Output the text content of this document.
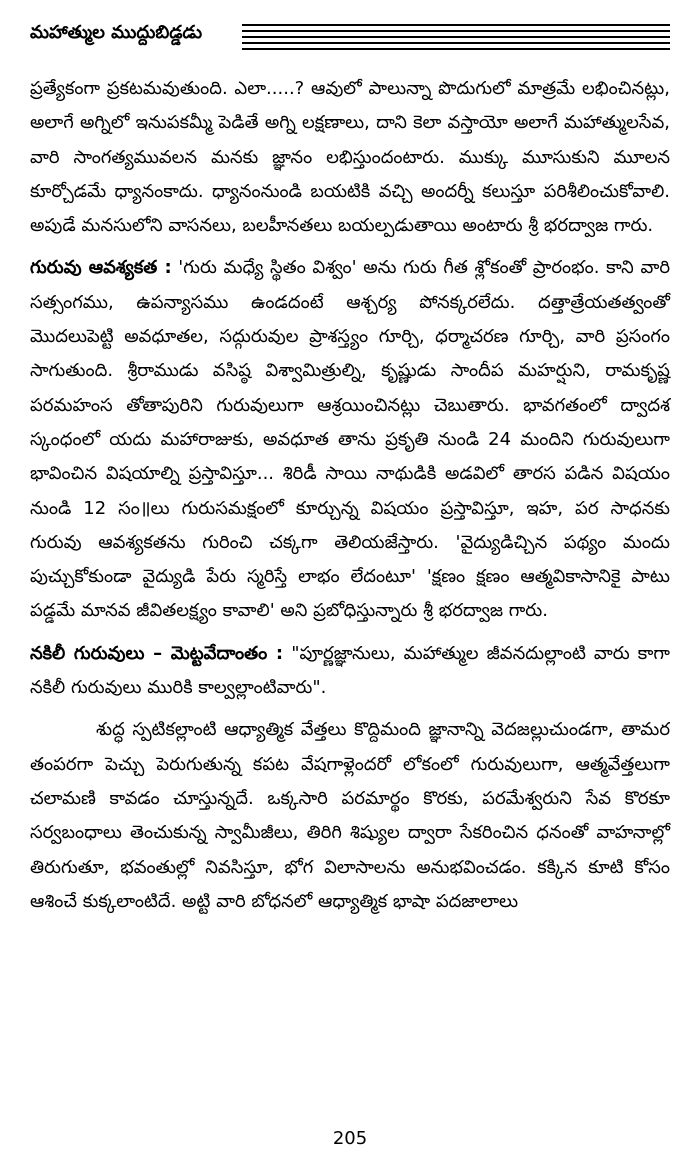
మహాత్ముల ముద్దుబిడ్డడు

ప్రత్యేకంగా ప్రకటమవుతుంది. ఎలా.....? ఆవులో పాలున్నా పొదుగులో మాత్రమే లభించినట్లు, అలాగే అగ్నిలో ఇనుపకమ్మీ పెడితే అగ్ని లక్షణాలు, దాని కెలా వస్తాయో అలాగే మహాత్ములసేవ, వారి సాంగత్యమువలన మనకు జ్ఞానం లభిస్తుందంటారు. ముక్కు మూసుకుని మూలన కూర్చోడమే ధ్యానంకాదు. ధ్యానంనుండి బయటికి వచ్చి అందర్నీ కలుస్తూ పరిశీలించుకోవాలి. అపుడే మనసులోని వాసనలు, బలహీనతలు బయల్పడుతాయి అంటారు శ్రీ భరద్వాజ గారు.

గురువు ఆవశ్యకత : 'గురు మధ్యే స్థితం విశ్వం' అను గురు గీత శ్లోకంతో ప్రారంభం. కాని వారి సత్సంగము, ఉపన్యాసము ఉండదంటే ఆశ్చర్య పోనక్కరలేదు. దత్తాత్రేయతత్వంతో మొదలుపెట్టి అవధూతల, సద్గురువుల ప్రాశస్త్యం గూర్చి, ధర్మాచరణ గూర్చి, వారి ప్రసంగం సాగుతుంది. శ్రీరాముడు వసిష్ఠ విశ్వామిత్రుల్ని, కృష్ణుడు సాందీప మహర్షుని, రామకృష్ణ పరమహంస తోతాపురిని గురువులుగా ఆశ్రయించినట్లు చెబుతారు. భావగతంలో ద్వాదశ స్కంధంలో యదు మహారాజుకు, అవధూత తాను ప్రకృతి నుండి 24 మందిని గురువులుగా భావించిన విషయాల్ని ప్రస్తావిస్తూ... శిరిడీ సాయి నాథుడికి అడవిలో తారస పడిన విషయం నుండి 12 సం॥లు గురుసమక్షంలో కూర్చున్న విషయం ప్రస్తావిస్తూ, ఇహ, పర సాధనకు గురువు ఆవశ్యకతను గురించి చక్కగా తెలియజేస్తారు. 'వైద్యుడిచ్చిన పథ్యం మందు పుచ్చుకోకుండా వైద్యుడి పేరు స్మరిస్తే లాభం లేదంటూ' 'క్షణం క్షణం ఆత్మవికాసానికై పాటు పడ్డమే మానవ జీవితలక్ష్యం కావాలి' అని ప్రబోధిస్తున్నారు శ్రీ భరద్వాజ గారు.

నకిలీ గురువులు – మెట్టవేదాంతం : "పూర్ణజ్ఞానులు, మహాత్ముల జీవనదుల్లాంటి వారు కాగా నకిలీ గురువులు మురికి కాల్వల్లాంటివారు".

శుద్ధ స్పటికల్లాంటి ఆధ్యాత్మిక వేత్తలు కొద్దిమంది జ్ఞానాన్ని వెదజల్లుచుండగా, తామర తంపరగా పెచ్చు పెరుగుతున్న కపట వేషగాళ్లెందరో లోకంలో గురువులుగా, ఆత్మవేత్తలుగా చలామణి కావడం చూస్తున్నదే. ఒక్కసారి పరమార్థం కొరకు, పరమేశ్వరుని సేవ కొరకూ సర్వబంధాలు తెంచుకున్న స్వామీజీలు, తిరిగి శిష్యుల ద్వారా సేకరించిన ధనంతో వాహనాల్లో తిరుగుతూ, భవంతుల్లో నివసిస్తూ, భోగ విలాసాలను అనుభవించడం. కక్కిన కూటి కోసం ఆశించే కుక్కలాంటిదే. అట్టి వారి బోధనలో ఆధ్యాత్మిక భాషా పదజాలాలు

205
